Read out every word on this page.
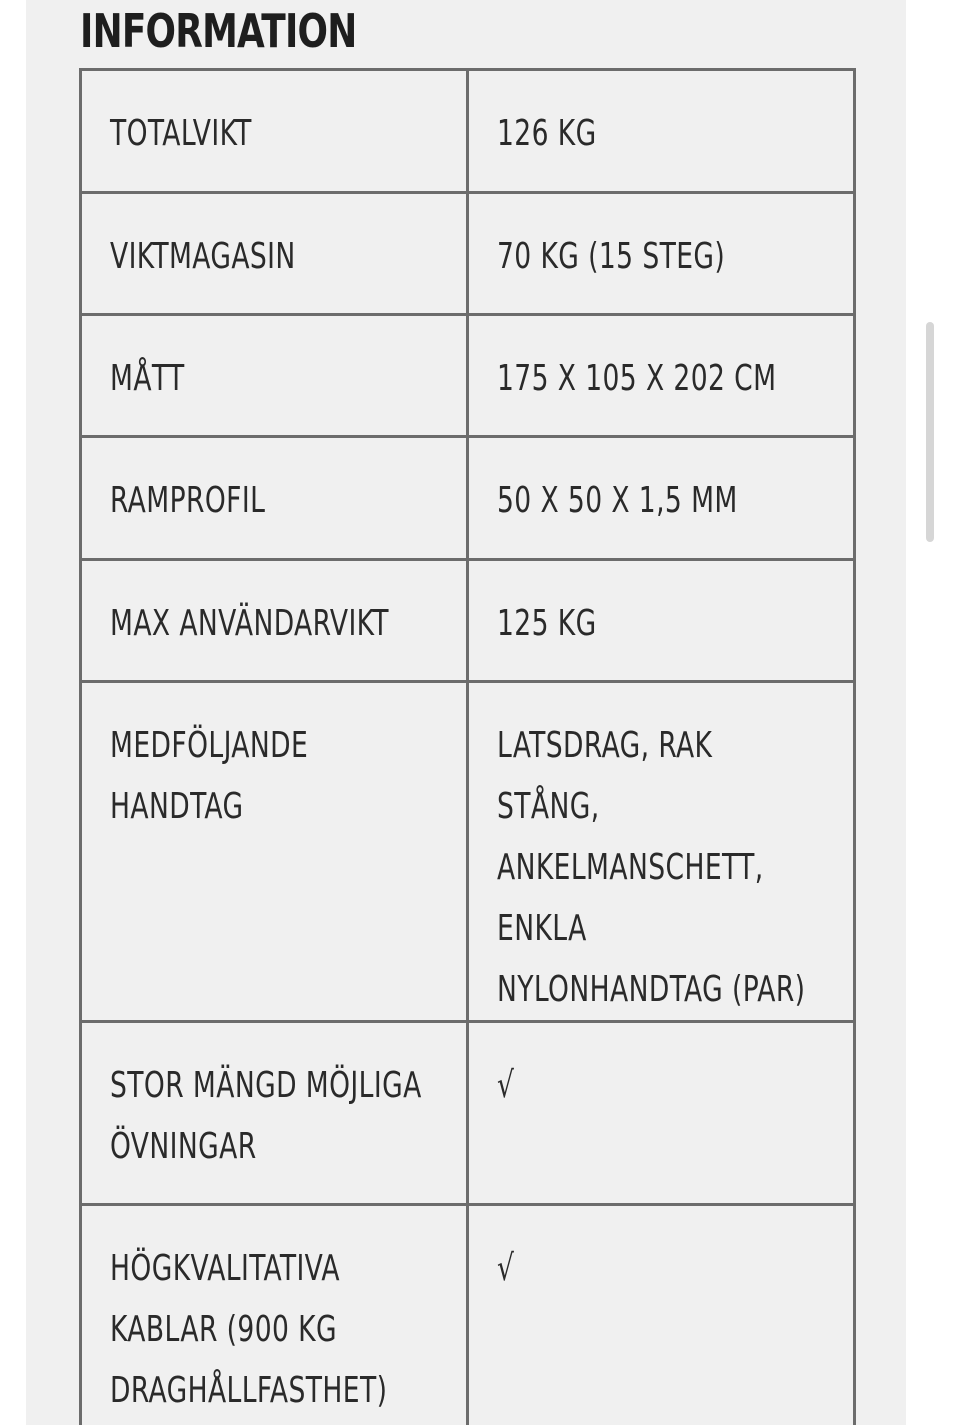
INFORMATION
TOTALVIKT	126 KG

VIKTMAGASIN	70 KG (15 STEG)

MÅTT	175 X 105 X 202 CM

RAMPROFIL	50 X 50 X 1,5 MM

MAX ANVÄNDARVIKT	125 KG

MEDFÖLJANDE HANDTAG	LATSDRAG, RAK STÅNG, ANKELMANSCHETT, ENKLA NYLONHANDTAG (PAR)

STOR MÄNGD MÖJLIGA ÖVNINGAR	√

HÖGKVALITATIVA KABLAR (900 KG DRAGHÅLLFASTHET)	√
